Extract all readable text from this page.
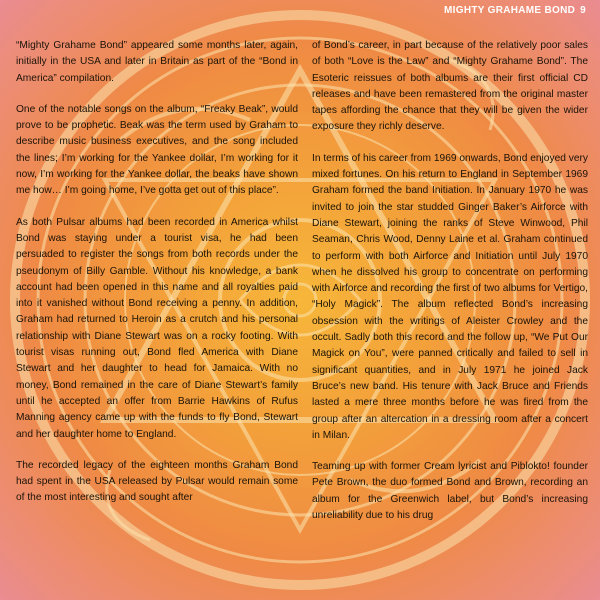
MIGHTY GRAHAME BOND 9

“Mighty Grahame Bond” appeared some months later, again, initially in the USA and later in Britain as part of the “Bond in America” compilation.

One of the notable songs on the album, “Freaky Beak”, would prove to be prophetic. Beak was the term used by Graham to describe music business executives, and the song included the lines; I’m working for the Yankee dollar, I’m working for it now, I’m working for the Yankee dollar, the beaks have shown me how… I’m going home, I’ve gotta get out of this place”.

As both Pulsar albums had been recorded in America whilst Bond was staying under a tourist visa, he had been persuaded to register the songs from both records under the pseudonym of Billy Gamble. Without his knowledge, a bank account had been opened in this name and all royalties paid into it vanished without Bond receiving a penny. In addition, Graham had returned to Heroin as a crutch and his personal relationship with Diane Stewart was on a rocky footing. With tourist visas running out, Bond fled America with Diane Stewart and her daughter to head for Jamaica. With no money, Bond remained in the care of Diane Stewart’s family until he accepted an offer from Barrie Hawkins of Rufus Manning agency came up with the funds to fly Bond, Stewart and her daughter home to England.

The recorded legacy of the eighteen months Graham Bond had spent in the USA released by Pulsar would remain some of the most interesting and sought after

of Bond’s career, in part because of the relatively poor sales of both “Love is the Law” and “Mighty Grahame Bond”. The Esoteric reissues of both albums are their first official CD releases and have been remastered from the original master tapes affording the chance that they will be given the wider exposure they richly deserve.

In terms of his career from 1969 onwards, Bond enjoyed very mixed fortunes. On his return to England in September 1969 Graham formed the band Initiation. In January 1970 he was invited to join the star studded Ginger Baker’s Airforce with Diane Stewart, joining the ranks of Steve Winwood, Phil Seaman, Chris Wood, Denny Laine et al. Graham continued to perform with both Airforce and Initiation until July 1970 when he dissolved his group to concentrate on performing with Airforce and recording the first of two albums for Vertigo, “Holy Magick”. The album reflected Bond’s increasing obsession with the writings of Aleister Crowley and the occult. Sadly both this record and the follow up, “We Put Our Magick on You”, were panned critically and failed to sell in significant quantities, and in July 1971 he joined Jack Bruce’s new band. His tenure with Jack Bruce and Friends lasted a mere three months before he was fired from the group after an altercation in a dressing room after a concert in Milan.

Teaming up with former Cream lyricist and Piblokto! founder Pete Brown, the duo formed Bond and Brown, recording an album for the Greenwich label, but Bond’s increasing unreliability due to his drug
